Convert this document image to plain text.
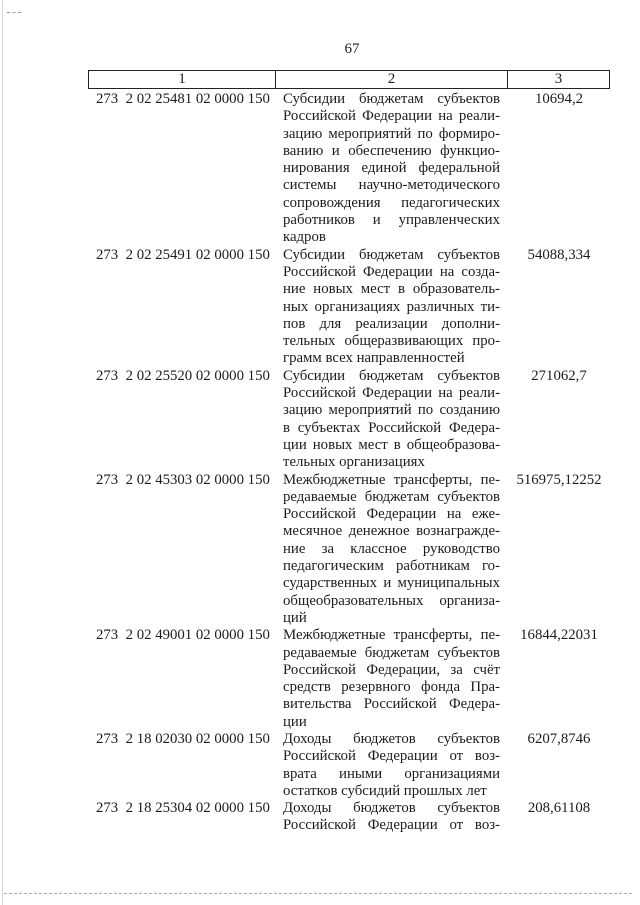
67
1	2	3
273  2 02 25481 02 0000 150 Субсидии бюджетам субъектов
Российской Федерации на реали-
зацию мероприятий по формиро-
ванию и обеспечению функцио-
нирования единой федеральной
системы научно-методического
сопровождения педагогических
работников и управленческих
кадров
10694,2
273  2 02 25491 02 0000 150 Субсидии бюджетам субъектов
Российской Федерации на созда-
ние новых мест в образователь-
ных организациях различных ти-
пов для реализации дополни-
тельных общеразвивающих про-
грамм всех направленностей
54088,334
273  2 02 25520 02 0000 150 Субсидии бюджетам субъектов
Российской Федерации на реали-
зацию мероприятий по созданию
в субъектах Российской Федера-
ции новых мест в общеобразова-
тельных организациях
271062,7
273  2 02 45303 02 0000 150 Межбюджетные трансферты, пе-
редаваемые бюджетам субъектов
Российской Федерации на еже-
месячное денежное вознагражде-
ние за классное руководство
педагогическим работникам го-
сударственных и муниципальных
общеобразовательных организа-
ций
516975,12252
273  2 02 49001 02 0000 150 Межбюджетные трансферты, пе-
редаваемые бюджетам субъектов
Российской Федерации, за счёт
средств резервного фонда Пра-
вительства Российской Федера-
ции
16844,22031
273  2 18 02030 02 0000 150 Доходы бюджетов субъектов
Российской Федерации от воз-
врата иными организациями
остатков субсидий прошлых лет
6207,8746
273  2 18 25304 02 0000 150 Доходы бюджетов субъектов
Российской Федерации от воз-
208,61108
